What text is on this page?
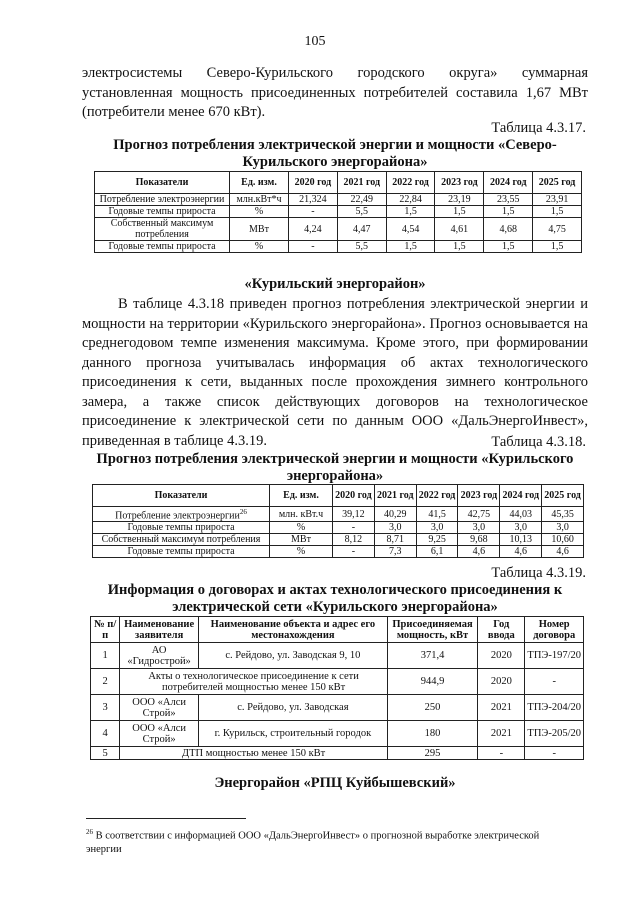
105
электросистемы Северо-Курильского городского округа» суммарная установленная мощность присоединенных потребителей составила 1,67 МВт (потребители менее 670 кВт).
Таблица 4.3.17.
Прогноз потребления электрической энергии и мощности «Северо-Курильского энергорайона»
Показатели	Ед. изм.	2020 год	2021 год	2022 год	2023 год	2024 год	2025 год
Потребление электроэнергии	млн.кВт*ч	21,324	22,49	22,84	23,19	23,55	23,91
Годовые темпы прироста	%	-	5,5	1,5	1,5	1,5	1,5
Собственный максимум потребления	МВт	4,24	4,47	4,54	4,61	4,68	4,75
Годовые темпы прироста	%	-	5,5	1,5	1,5	1,5	1,5
«Курильский энергорайон»
В таблице 4.3.18 приведен прогноз потребления электрической энергии и мощности на территории «Курильского энергорайона». Прогноз основывается на среднегодовом темпе изменения максимума. Кроме этого, при формировании данного прогноза учитывалась информация об актах технологического присоединения к сети, выданных после прохождения зимнего контрольного замера, а также список действующих договоров на технологическое присоединение к электрической сети по данным ООО «ДальЭнергоИнвест», приведенная в таблице 4.3.19.	Таблица 4.3.18.
Прогноз потребления электрической энергии и мощности «Курильского энергорайона»
Показатели	Ед. изм.	2020 год	2021 год	2022 год	2023 год	2024 год	2025 год
Потребление электроэнергии$^{26}$	млн. кВт.ч	39,12	40,29	41,5	42,75	44,03	45,35
Годовые темпы прироста	%	-	3,0	3,0	3,0	3,0	3,0
Собственный максимум потребления	МВт	8,12	8,71	9,25	9,68	10,13	10,60
Годовые темпы прироста	%	-	7,3	6,1	4,6	4,6	4,6
Таблица 4.3.19.
Информация о договорах и актах технологического присоединения к электрической сети «Курильского энергорайона»
№ п/п	Наименование заявителя	Наименование объекта и адрес его местонахождения	Присоединяемая мощность, кВт	Год ввода	Номер договора
1	АО «Гидрострой»	с. Рейдово, ул. Заводская 9, 10	371,4	2020	ТПЭ-197/20
2	Акты о технологическое присоединение к сети потребителей мощностью менее 150 кВт		944,9	2020	-
3	ООО «Алси Строй»	с. Рейдово, ул. Заводская	250	2021	ТПЭ-204/20
4	ООО «Алси Строй»	г. Курильск, строительный городок	180	2021	ТПЭ-205/20
5	ДТП мощностью менее 150 кВт		295	-	-
Энергорайон «РПЦ Куйбышевский»
$^{26}$ В соответствии с информацией ООО «ДальЭнергоИнвест» о прогнозной выработке электрической энергии
